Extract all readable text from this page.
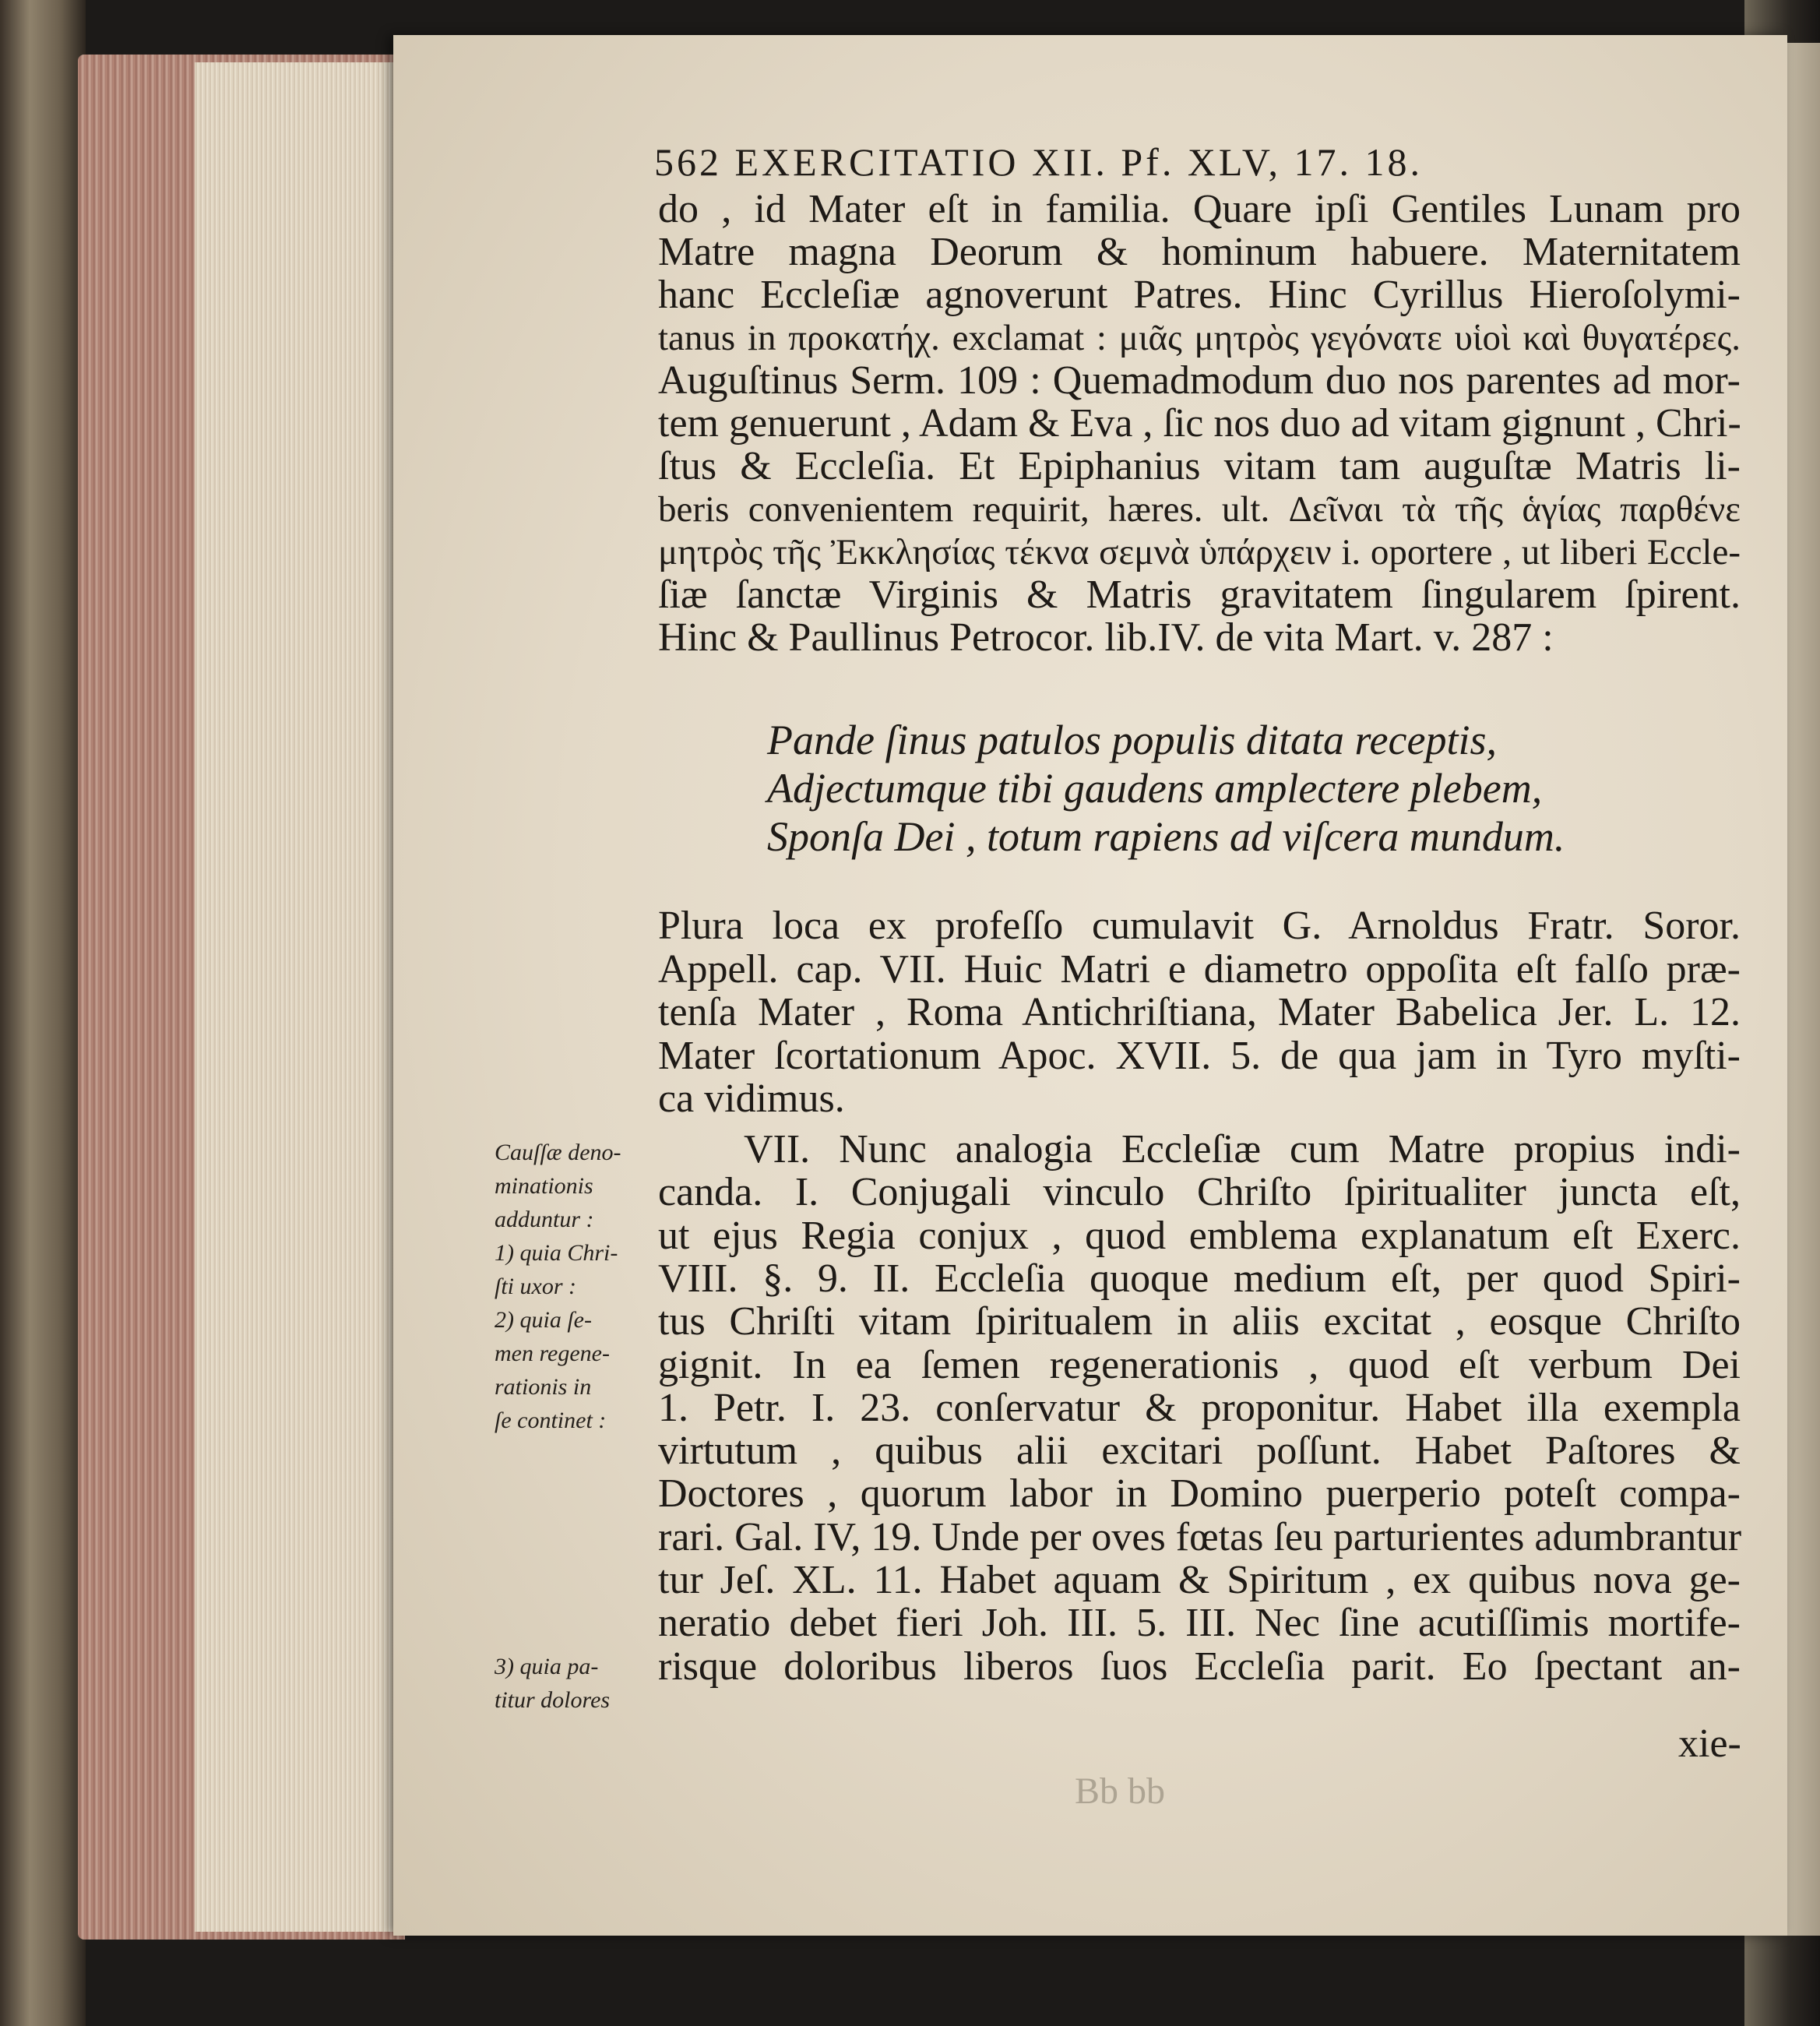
562 EXERCITATIO XII. Pf. XLV, 17. 18.
do , id Mater eſt in familia. Quare ipſi Gentiles Lunam pro
Matre magna Deorum & hominum habuere. Maternitatem
hanc Eccleſiæ agnoverunt Patres. Hinc Cyrillus Hieroſolymi-
tanus in προκατήχ. exclamat : μιᾶς μητρὸς γεγόνατε υἱοὶ καὶ θυγατέρες.
Auguſtinus Serm. 109 : Quemadmodum duo nos parentes ad mor-
tem genuerunt , Adam & Eva , ſic nos duo ad vitam gignunt , Chri-
ſtus & Eccleſia. Et Epiphanius vitam tam auguſtæ Matris li-
beris convenientem requirit, hæres. ult. Δεῖναι τὰ τῆς ἁγίας παρθένε
μητρὸς τῆς Ἐκκλησίας τέκνα σεμνὰ ὑπάρχειν i. oportere , ut liberi Eccle-
ſiæ ſanctæ Virginis & Matris gravitatem ſingularem ſpirent.
Hinc & Paullinus Petrocor. lib.IV. de vita Mart. v. 287 :
Pande ſinus patulos populis ditata receptis,
Adjectumque tibi gaudens amplectere plebem,
Sponſa Dei , totum rapiens ad viſcera mundum.
Plura loca ex profeſſo cumulavit G. Arnoldus Fratr. Soror.
Appell. cap. VII. Huic Matri e diametro oppoſita eſt falſo præ-
tenſa Mater , Roma Antichriſtiana, Mater Babelica Jer. L. 12.
Mater ſcortationum Apoc. XVII. 5. de qua jam in Tyro myſti-
ca vidimus.
VII. Nunc analogia Eccleſiæ cum Matre propius indi-
canda. I. Conjugali vinculo Chriſto ſpiritualiter juncta eſt,
ut ejus Regia conjux , quod emblema explanatum eſt Exerc.
VIII. §. 9. II. Eccleſia quoque medium eſt, per quod Spiri-
tus Chriſti vitam ſpiritualem in aliis excitat , eosque Chriſto
gignit. In ea ſemen regenerationis , quod eſt verbum Dei
1. Petr. I. 23. conſervatur & proponitur. Habet illa exempla
virtutum , quibus alii excitari poſſunt. Habet Paſtores &
Doctores , quorum labor in Domino puerperio poteſt compa-
rari. Gal. IV, 19. Unde per oves fœtas ſeu parturientes adumbrantur
tur Jeſ. XL. 11. Habet aquam & Spiritum , ex quibus nova ge-
neratio debet fieri Joh. III. 5. III. Nec ſine acutiſſimis mortife-
risque doloribus liberos ſuos Eccleſia parit. Eo ſpectant an-
Cauſſæ deno-
minationis
adduntur :
1) quia Chri-
ſti uxor :
2) quia ſe-
men regene-
rationis in
ſe continet :
3) quia pa-
titur dolores
xie-
Bb bb
